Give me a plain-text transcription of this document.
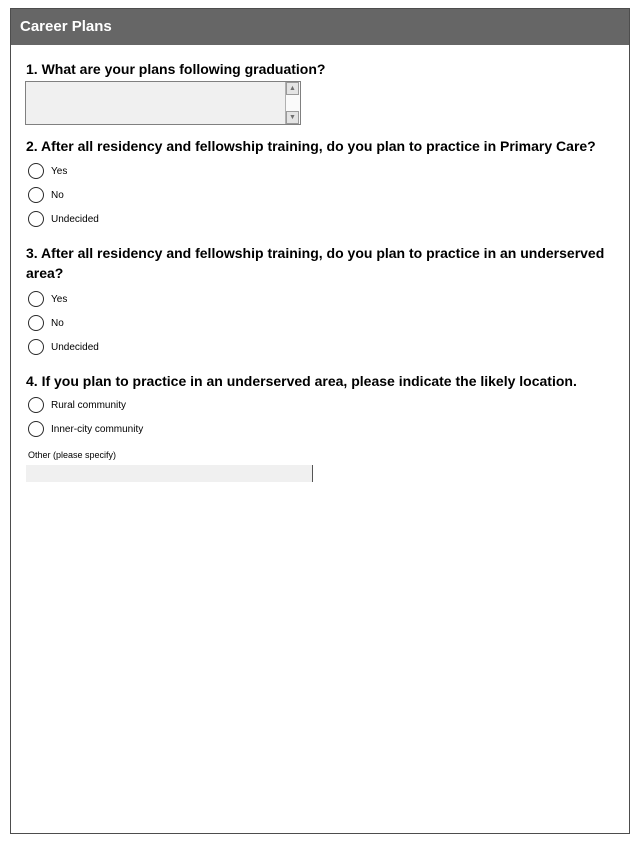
Career Plans
1. What are your plans following graduation?
▲
▼
2. After all residency and fellowship training, do you plan to practice in Primary Care?
Yes
No
Undecided
3. After all residency and fellowship training, do you plan to practice in an underserved area?
Yes
No
Undecided
4. If you plan to practice in an underserved area, please indicate the likely location.
Rural community
Inner-city community
Other (please specify)
